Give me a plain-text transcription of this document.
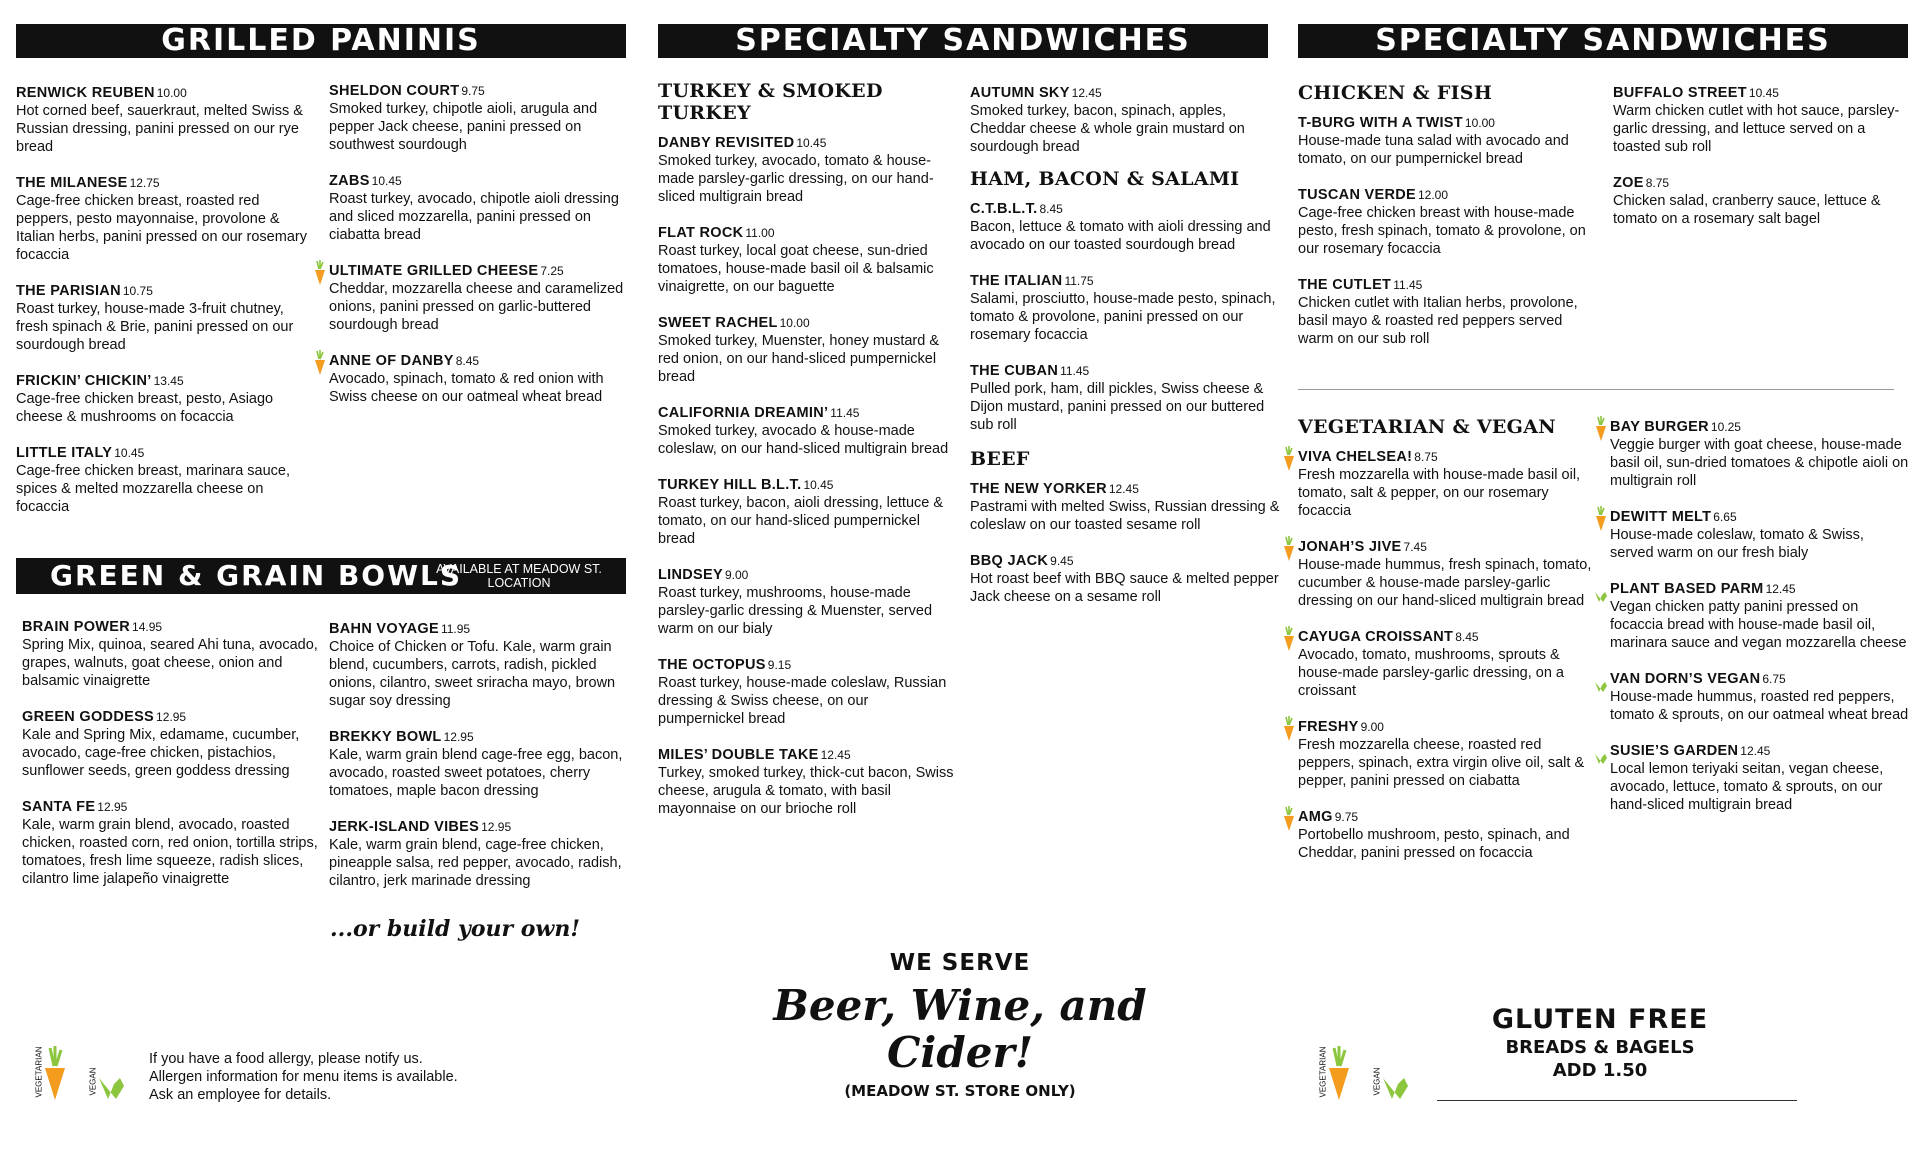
GRILLED PANINIS
RENWICK REUBEN 10.00
Hot corned beef, sauerkraut, melted Swiss & Russian dressing, panini pressed on our rye bread
THE MILANESE 12.75
Cage-free chicken breast, roasted red peppers, pesto mayonnaise, provolone & Italian herbs, panini pressed on our rosemary focaccia
THE PARISIAN 10.75
Roast turkey, house-made 3-fruit chutney, fresh spinach & Brie, panini pressed on our sourdough bread
FRICKIN’ CHICKIN’ 13.45
Cage-free chicken breast, pesto, Asiago cheese & mushrooms on focaccia
LITTLE ITALY 10.45
Cage-free chicken breast, marinara sauce, spices & melted mozzarella cheese on focaccia
SHELDON COURT 9.75
Smoked turkey, chipotle aioli, arugula and pepper Jack cheese, panini pressed on southwest sourdough
ZABS 10.45
Roast turkey, avocado, chipotle aioli dressing and sliced mozzarella, panini pressed on ciabatta bread
ULTIMATE GRILLED CHEESE 7.25
Cheddar, mozzarella cheese and caramelized onions, panini pressed on garlic-buttered sourdough bread
ANNE OF DANBY 8.45
Avocado, spinach, tomato & red onion with Swiss cheese on our oatmeal wheat bread
GREEN & GRAIN BOWLS
AVAILABLE AT MEADOW ST. LOCATION
BRAIN POWER 14.95
Spring Mix, quinoa, seared Ahi tuna, avocado, grapes, walnuts, goat cheese, onion and balsamic vinaigrette
GREEN GODDESS 12.95
Kale and Spring Mix, edamame, cucumber, avocado, cage-free chicken, pistachios, sunflower seeds, green goddess dressing
SANTA FE 12.95
Kale, warm grain blend, avocado, roasted chicken, roasted corn, red onion, tortilla strips, tomatoes, fresh lime squeeze, radish slices, cilantro lime jalapeño vinaigrette
BAHN VOYAGE 11.95
Choice of Chicken or Tofu. Kale, warm grain blend, cucumbers, carrots, radish, pickled onions, cilantro, sweet sriracha mayo, brown sugar soy dressing
BREKKY BOWL 12.95
Kale, warm grain blend cage-free egg, bacon, avocado, roasted sweet potatoes, cherry tomatoes, maple bacon dressing
JERK-ISLAND VIBES 12.95
Kale, warm grain blend, cage-free chicken, pineapple salsa, red pepper, avocado, radish, cilantro, jerk marinade dressing
...or build your own!
VEGETARIAN	VEGAN
If you have a food allergy, please notify us.
Allergen information for menu items is available.
Ask an employee for details.
SPECIALTY SANDWICHES
TURKEY & SMOKED TURKEY
DANBY REVISITED 10.45
Smoked turkey, avocado, tomato & house-made parsley-garlic dressing, on our hand-sliced multigrain bread
FLAT ROCK 11.00
Roast turkey, local goat cheese, sun-dried tomatoes, house-made basil oil & balsamic vinaigrette, on our baguette
SWEET RACHEL 10.00
Smoked turkey, Muenster, honey mustard & red onion, on our hand-sliced pumpernickel bread
CALIFORNIA DREAMIN’ 11.45
Smoked turkey, avocado & house-made coleslaw, on our hand-sliced multigrain bread
TURKEY HILL B.L.T. 10.45
Roast turkey, bacon, aioli dressing, lettuce & tomato, on our hand-sliced pumpernickel bread
LINDSEY 9.00
Roast turkey, mushrooms, house-made parsley-garlic dressing & Muenster, served warm on our bialy
THE OCTOPUS 9.15
Roast turkey, house-made coleslaw, Russian dressing & Swiss cheese, on our pumpernickel bread
MILES’ DOUBLE TAKE 12.45
Turkey, smoked turkey, thick-cut bacon, Swiss cheese, arugula & tomato, with basil mayonnaise on our brioche roll
AUTUMN SKY 12.45
Smoked turkey, bacon, spinach, apples, Cheddar cheese & whole grain mustard on sourdough bread
HAM, BACON & SALAMI
C.T.B.L.T. 8.45
Bacon, lettuce & tomato with aioli dressing and avocado on our toasted sourdough bread
THE ITALIAN 11.75
Salami, prosciutto, house-made pesto, spinach, tomato & provolone, panini pressed on our rosemary focaccia
THE CUBAN 11.45
Pulled pork, ham, dill pickles, Swiss cheese & Dijon mustard, panini pressed on our buttered sub roll
BEEF
THE NEW YORKER 12.45
Pastrami with melted Swiss, Russian dressing & coleslaw on our toasted sesame roll
BBQ JACK 9.45
Hot roast beef with BBQ sauce & melted pepper Jack cheese on a sesame roll
WE SERVE
Beer, Wine, and
Cider!
(MEADOW ST. STORE ONLY)
SPECIALTY SANDWICHES
CHICKEN & FISH
T-BURG WITH A TWIST 10.00
House-made tuna salad with avocado and tomato, on our pumpernickel bread
TUSCAN VERDE 12.00
Cage-free chicken breast with house-made pesto, fresh spinach, tomato & provolone, on our rosemary focaccia
THE CUTLET 11.45
Chicken cutlet with Italian herbs, provolone, basil mayo & roasted red peppers served warm on our sub roll
BUFFALO STREET 10.45
Warm chicken cutlet with hot sauce, parsley-garlic dressing, and lettuce served on a toasted sub roll
ZOE 8.75
Chicken salad, cranberry sauce, lettuce & tomato on a rosemary salt bagel
VEGETARIAN & VEGAN
VIVA CHELSEA! 8.75
Fresh mozzarella with house-made basil oil, tomato, salt & pepper, on our rosemary focaccia
JONAH’S JIVE 7.45
House-made hummus, fresh spinach, tomato, cucumber & house-made parsley-garlic dressing on our hand-sliced multigrain bread
CAYUGA CROISSANT 8.45
Avocado, tomato, mushrooms, sprouts & house-made parsley-garlic dressing, on a croissant
FRESHY 9.00
Fresh mozzarella cheese, roasted red peppers, spinach, extra virgin olive oil, salt & pepper, panini pressed on ciabatta
AMG 9.75
Portobello mushroom, pesto, spinach, and Cheddar, panini pressed on focaccia
BAY BURGER 10.25
Veggie burger with goat cheese, house-made basil oil, sun-dried tomatoes & chipotle aioli on multigrain roll
DEWITT MELT 6.65
House-made coleslaw, tomato & Swiss, served warm on our fresh bialy
PLANT BASED PARM 12.45
Vegan chicken patty panini pressed on focaccia bread with house-made basil oil, marinara sauce and vegan mozzarella cheese
VAN DORN’S VEGAN 6.75
House-made hummus, roasted red peppers, tomato & sprouts, on our oatmeal wheat bread
SUSIE’S GARDEN 12.45
Local lemon teriyaki seitan, vegan cheese, avocado, lettuce, tomato & sprouts, on our hand-sliced multigrain bread
VEGETARIAN	VEGAN
GLUTEN FREE
BREADS & BAGELS
ADD 1.50
